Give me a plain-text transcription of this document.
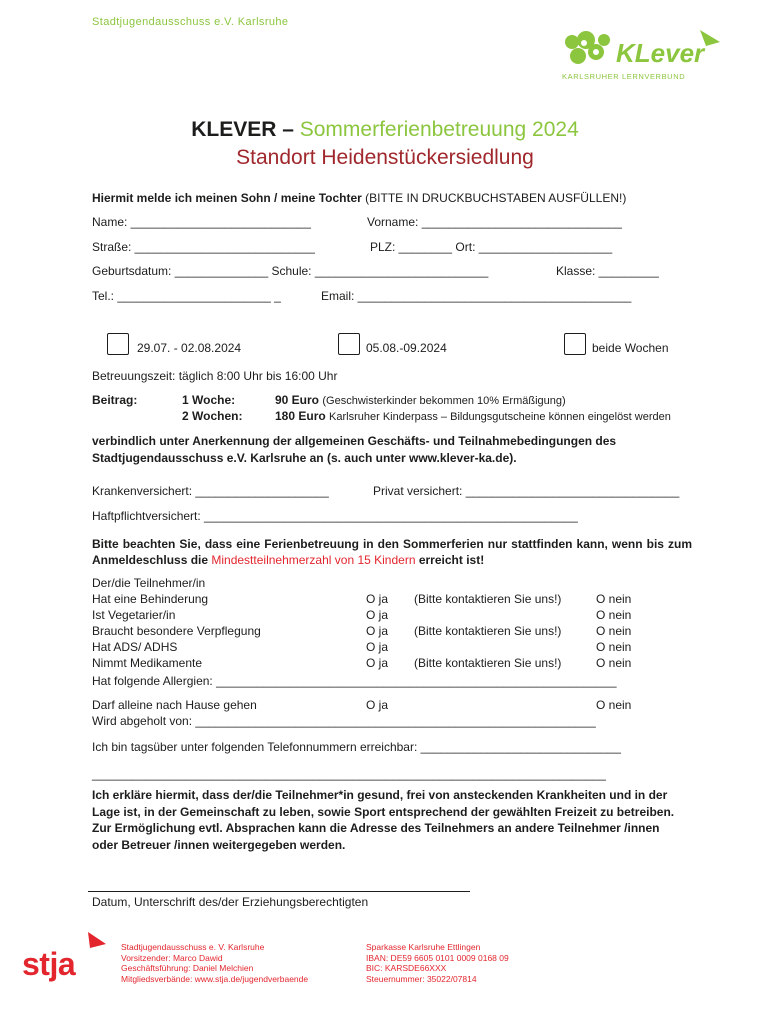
Stadtjugendausschuss e.V. Karlsruhe
KLever
KARLSRUHER LERNVERBUND
KLEVER – Sommerferienbetreuung 2024
Standort Heidenstückersiedlung
Hiermit melde ich meinen Sohn / meine Tochter (BITTE IN DRUCKBUCHSTABEN AUSFÜLLEN!)
Name: ___________________________	Vorname: ______________________________
Straße: ___________________________	PLZ: ________ Ort: ____________________
Geburtsdatum: ______________ Schule: __________________________	Klasse: _________
Tel.: _______________________ _	Email: _________________________________________
29.07. - 02.08.2024	05.08.-09.2024	beide Wochen
Betreuungszeit: täglich 8:00 Uhr bis 16:00 Uhr
Beitrag:	1 Woche:	90 Euro (Geschwisterkinder bekommen 10% Ermäßigung)
2 Wochen:	180 Euro Karlsruher Kinderpass – Bildungsgutscheine können eingelöst werden
verbindlich unter Anerkennung der allgemeinen Geschäfts- und Teilnahmebedingungen des
Stadtjugendausschuss e.V. Karlsruhe an (s. auch unter www.klever-ka.de).
Krankenversichert: ____________________	Privat versichert: ________________________________
Haftpflichtversichert: ________________________________________________________
Bitte beachten Sie, dass eine Ferienbetreuung in den Sommerferien nur stattfinden kann, wenn bis zum Anmeldeschluss die Mindestteilnehmerzahl von 15 Kindern erreicht ist!
Der/die Teilnehmer/in
Hat eine Behinderung	O ja (Bitte kontaktieren Sie uns!)	O nein
Ist Vegetarier/in	O ja	O nein
Braucht besondere Verpflegung	O ja (Bitte kontaktieren Sie uns!)	O nein
Hat ADS/ ADHS	O ja	O nein
Nimmt Medikamente	O ja (Bitte kontaktieren Sie uns!)	O nein
Hat folgende Allergien: ____________________________________________________________
Darf alleine nach Hause gehen	O ja	O nein
Wird abgeholt von: ____________________________________________________________
Ich bin tagsüber unter folgenden Telefonnummern erreichbar: ______________________________
_____________________________________________________________________________
Ich erkläre hiermit, dass der/die Teilnehmer*in gesund, frei von ansteckenden Krankheiten und in der
Lage ist, in der Gemeinschaft zu leben, sowie Sport entsprechend der gewählten Freizeit zu betreiben.
Zur Ermöglichung evtl. Absprachen kann die Adresse des Teilnehmers an andere Teilnehmer /innen
oder Betreuer /innen weitergegeben werden.
Datum, Unterschrift des/der Erziehungsberechtigten
stja	Stadtjugendausschuss e. V. Karlsruhe
Vorsitzender: Marco Dawid
Geschäftsführung: Daniel Melchien
Mitgliedsverbände: www.stja.de/jugendverbaende
Sparkasse Karlsruhe Ettlingen
IBAN: DE59 6605 0101 0009 0168 09
BIC: KARSDE66XXX
Steuernummer: 35022/07814
